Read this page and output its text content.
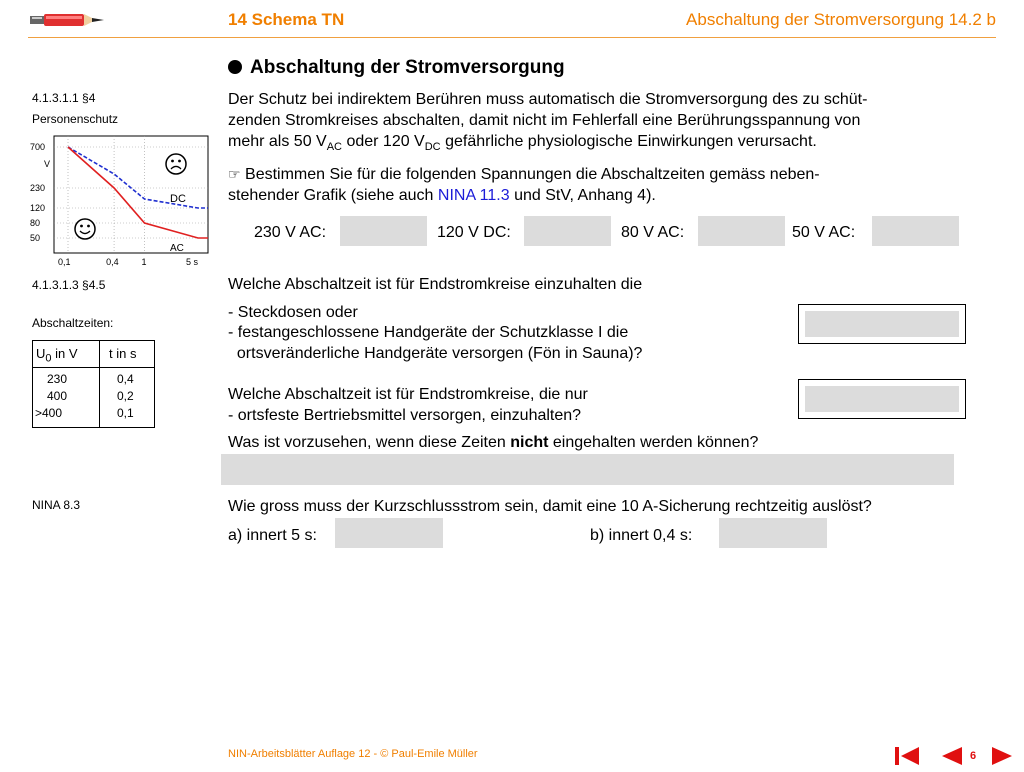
14 Schema TN	Abschaltung der Stromversorgung 14.2 b
4.1.3.1.1 §4
Personenschutz
700
V
230
120
80
50
0,1	0,4	1	5 s
DC
AC
4.1.3.1.3 §4.5
Abschaltzeiten:
$U_0$ in V t in s
230	0,4
400	0,2
>400	0,1
NINA 8.3
Abschaltung der Stromversorgung
Der Schutz bei indirektem Berühren muss automatisch die Stromversorgung des zu schüt-
zenden Stromkreises abschalten, damit nicht im Fehlerfall eine Berührungsspannung von
mehr als 50 $V_{AC}$ oder 120 $V_{DC}$ gefährliche physiologische Einwirkungen verursacht.
☞ Bestimmen Sie für die folgenden Spannungen die Abschaltzeiten gemäss neben-
stehender Grafik (siehe auch NINA 11.3 und StV, Anhang 4).
230 V AC:	120 V DC:	80 V AC:	50 V AC:
Welche Abschaltzeit ist für Endstromkreise einzuhalten die
- Steckdosen oder
- festangeschlossene Handgeräte der Schutzklasse I die
ortsveränderliche Handgeräte versorgen (Fön in Sauna)?
Welche Abschaltzeit ist für Endstromkreise, die nur
- ortsfeste Bertriebsmittel versorgen, einzuhalten?
Was ist vorzusehen, wenn diese Zeiten nicht eingehalten werden können?
Wie gross muss der Kurzschlussstrom sein, damit eine 10 A-Sicherung rechtzeitig auslöst?
a) innert 5 s:	b) innert 0,4 s:
NIN-Arbeitsblätter Auflage 12 - © Paul-Emile Müller	6
